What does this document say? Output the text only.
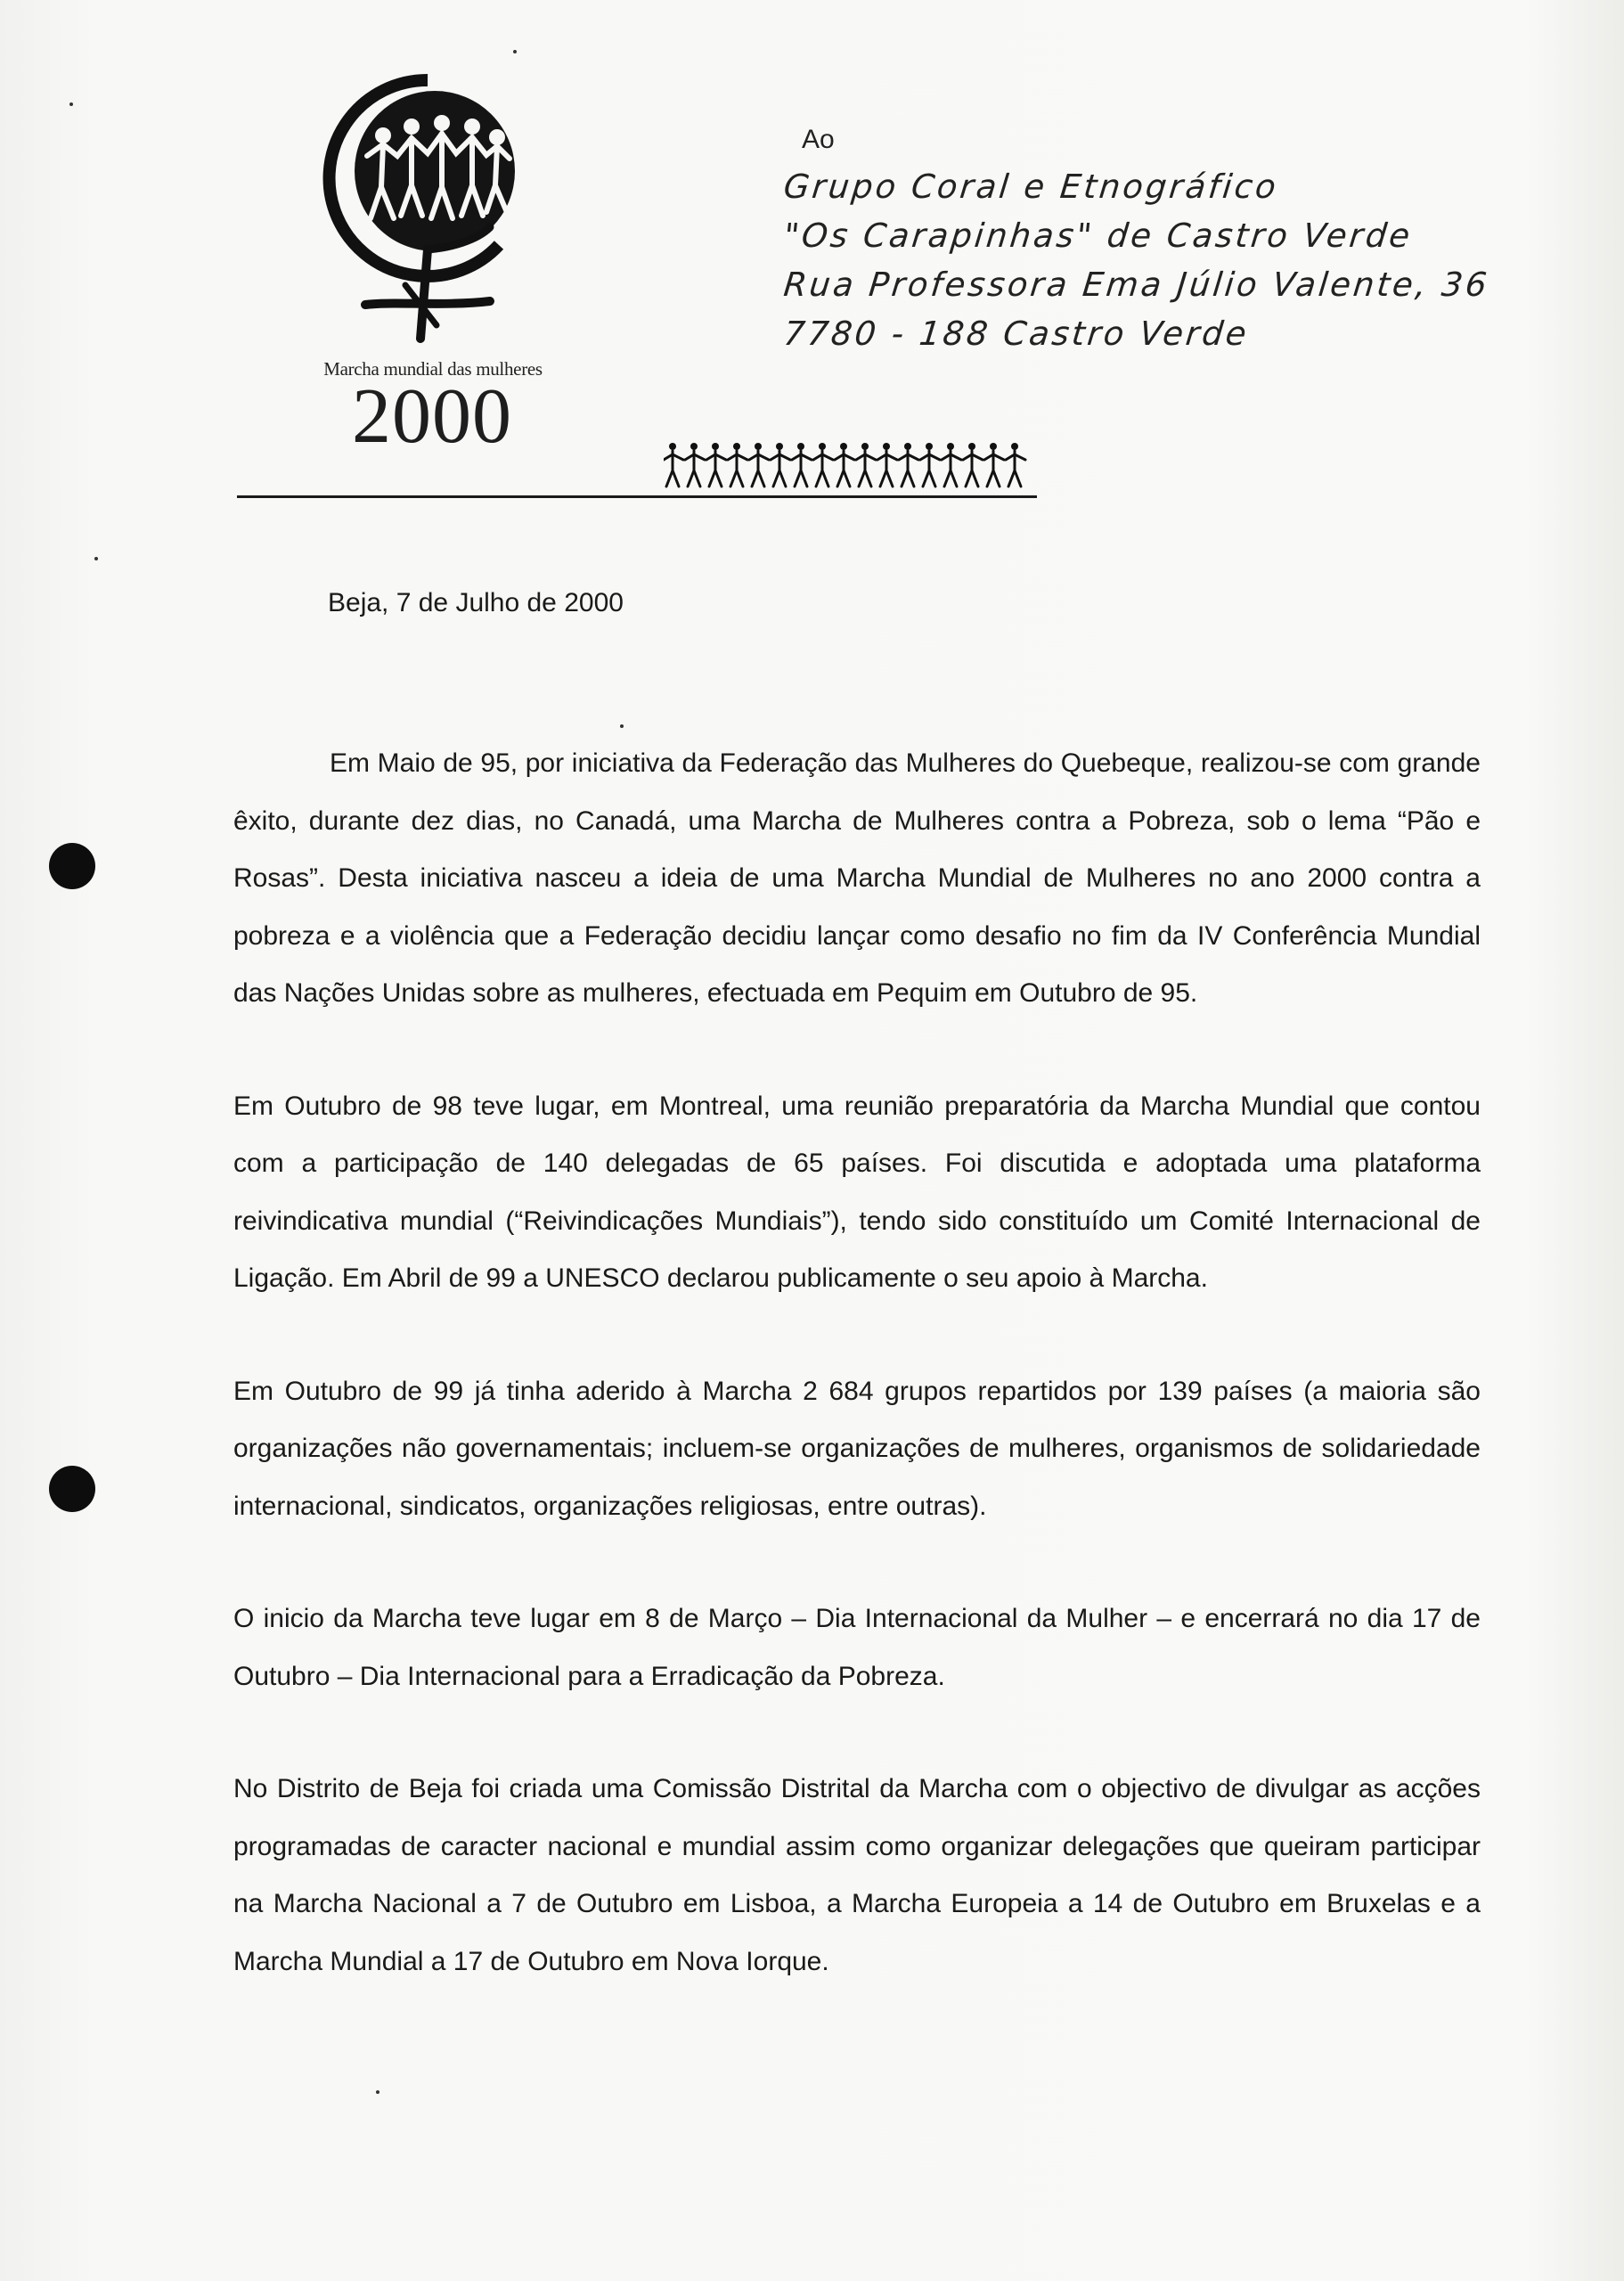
Marcha mundial das mulheres
2000
Ao
Grupo Coral e Etnográfico
"Os Carapinhas" de Castro Verde
Rua Professora Ema Júlio Valente, 36
7780 - 188 Castro Verde
Beja, 7 de Julho de 2000

Em Maio de 95, por iniciativa da Federação das Mulheres do Quebeque, realizou-se com grande êxito, durante dez dias, no Canadá, uma Marcha de Mulheres contra a Pobreza, sob o lema “Pão e Rosas”. Desta iniciativa nasceu a ideia de uma Marcha Mundial de Mulheres no ano 2000 contra a pobreza e a violência que a Federação decidiu lançar como desafio no fim da IV Conferência Mundial das Nações Unidas sobre as mulheres, efectuada em Pequim em Outubro de 95.

Em Outubro de 98 teve lugar, em Montreal, uma reunião preparatória da Marcha Mundial que contou com a participação de 140 delegadas de 65 países. Foi discutida e adoptada uma plataforma reivindicativa mundial (“Reivindicações Mundiais”), tendo sido constituído um Comité Internacional de Ligação. Em Abril de 99 a UNESCO declarou publicamente o seu apoio à Marcha.

Em Outubro de 99 já tinha aderido à Marcha 2 684 grupos repartidos por 139 países (a maioria são organizações não governamentais; incluem-se organizações de mulheres, organismos de solidariedade internacional, sindicatos, organizações religiosas, entre outras).

O inicio da Marcha teve lugar em 8 de Março – Dia Internacional da Mulher – e encerrará no dia 17 de Outubro – Dia Internacional para a Erradicação da Pobreza.

No Distrito de Beja foi criada uma Comissão Distrital da Marcha com o objectivo de divulgar as acções programadas de caracter nacional e mundial assim como organizar delegações que queiram participar na Marcha Nacional a 7 de Outubro em Lisboa, a Marcha Europeia a 14 de Outubro em Bruxelas e a Marcha Mundial a 17 de Outubro em Nova Iorque.
